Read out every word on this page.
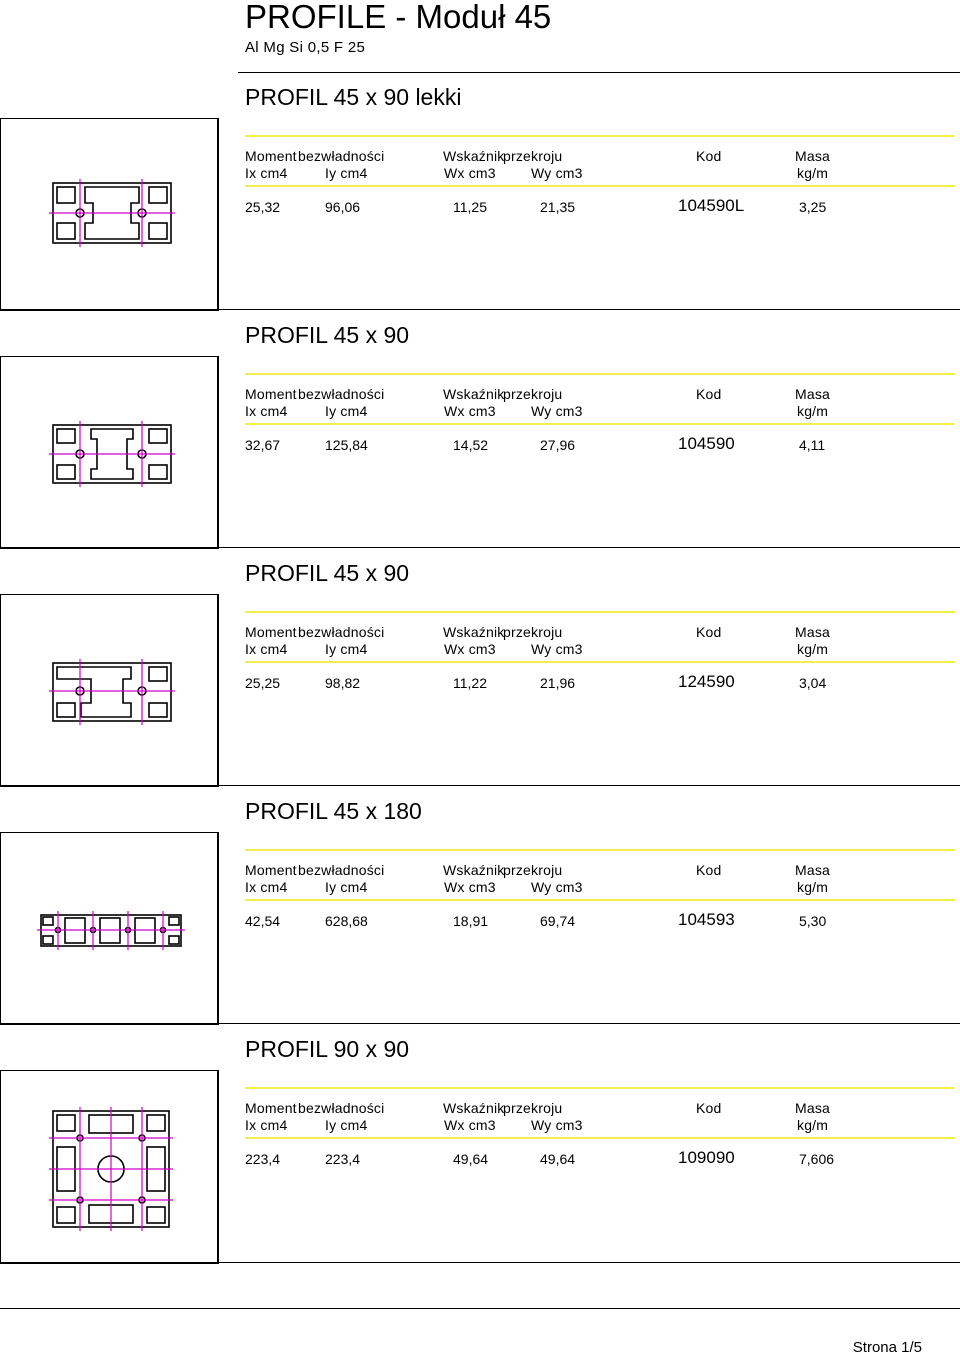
PROFILE - Moduł 45
Al Mg Si 0,5 F 25
PROFIL 45 x 90 lekki
Moment bezwładności	Wskaźnik
przekroju	Kod	Masa
Ix cm4	Iy cm4	Wx cm3	Wy cm3	kg/m
25,32	96,06	11,25	21,35	104590L	3,25
PROFIL 45 x 90
Moment bezwładności	Wskaźnik
przekroju	Kod	Masa
Ix cm4	Iy cm4	Wx cm3	Wy cm3	kg/m
32,67	125,84	14,52	27,96	104590	4,11
PROFIL 45 x 90
Moment bezwładności	Wskaźnik
przekroju	Kod	Masa
Ix cm4	Iy cm4	Wx cm3	Wy cm3	kg/m
25,25	98,82	11,22	21,96	124590	3,04
PROFIL 45 x 180
Moment bezwładności	Wskaźnik
przekroju	Kod	Masa
Ix cm4	Iy cm4	Wx cm3	Wy cm3	kg/m
42,54	628,68	18,91	69,74	104593	5,30
PROFIL 90 x 90
Moment bezwładności	Wskaźnik
przekroju	Kod	Masa
Ix cm4	Iy cm4	Wx cm3	Wy cm3	kg/m
223,4	223,4	49,64	49,64	109090	7,606
Strona 1/5
